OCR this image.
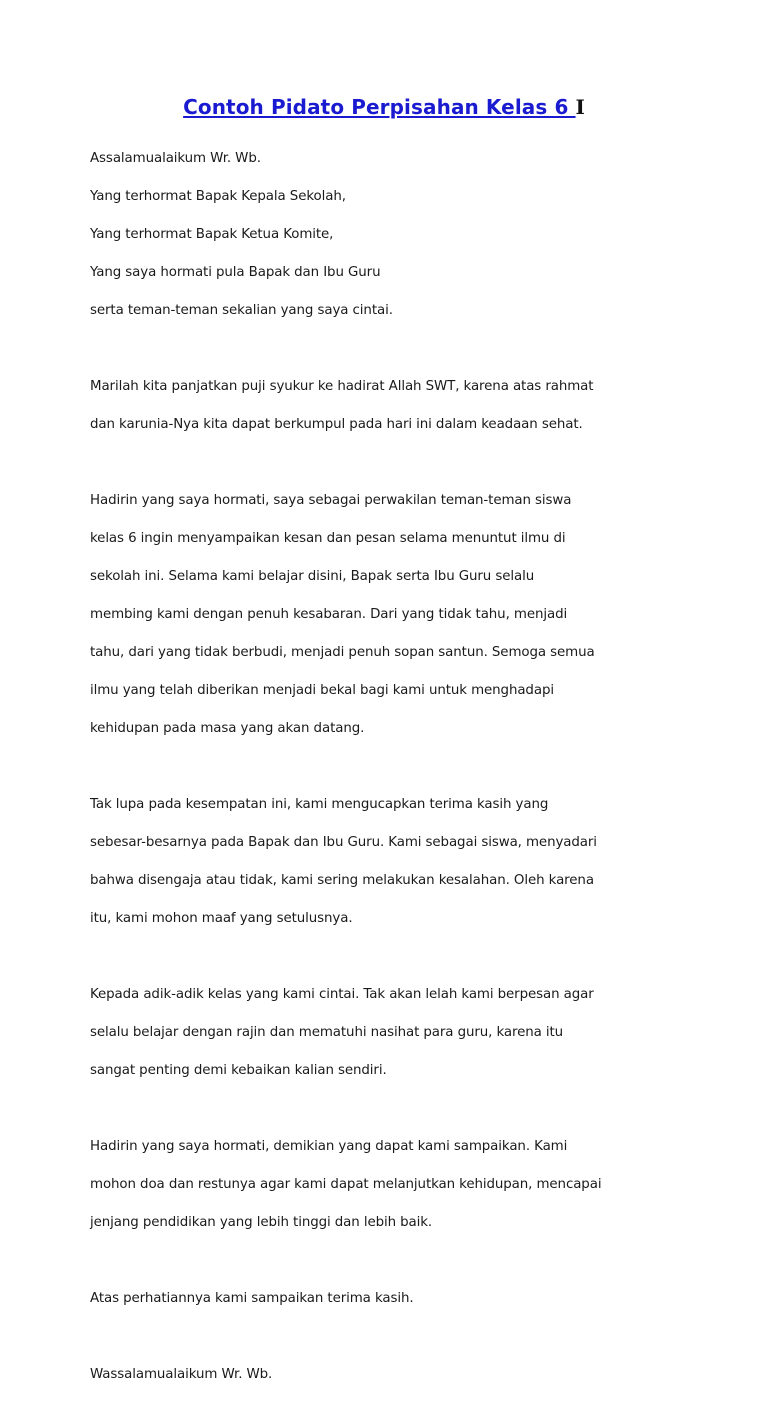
Contoh Pidato Perpisahan Kelas 6 I

Assalamualaikum Wr. Wb.

Yang terhormat Bapak Kepala Sekolah,

Yang terhormat Bapak Ketua Komite,

Yang saya hormati pula Bapak dan Ibu Guru

serta teman-teman sekalian yang saya cintai.

Marilah kita panjatkan puji syukur ke hadirat Allah SWT, karena atas rahmat

dan karunia-Nya kita dapat berkumpul pada hari ini dalam keadaan sehat.

Hadirin yang saya hormati, saya sebagai perwakilan teman-teman siswa

kelas 6 ingin menyampaikan kesan dan pesan selama menuntut ilmu di

sekolah ini. Selama kami belajar disini, Bapak serta Ibu Guru selalu

membing kami dengan penuh kesabaran. Dari yang tidak tahu, menjadi

tahu, dari yang tidak berbudi, menjadi penuh sopan santun. Semoga semua

ilmu yang telah diberikan menjadi bekal bagi kami untuk menghadapi

kehidupan pada masa yang akan datang.

Tak lupa pada kesempatan ini, kami mengucapkan terima kasih yang

sebesar-besarnya pada Bapak dan Ibu Guru. Kami sebagai siswa, menyadari

bahwa disengaja atau tidak, kami sering melakukan kesalahan. Oleh karena

itu, kami mohon maaf yang setulusnya.

Kepada adik-adik kelas yang kami cintai. Tak akan lelah kami berpesan agar

selalu belajar dengan rajin dan mematuhi nasihat para guru, karena itu

sangat penting demi kebaikan kalian sendiri.

Hadirin yang saya hormati, demikian yang dapat kami sampaikan. Kami

mohon doa dan restunya agar kami dapat melanjutkan kehidupan, mencapai

jenjang pendidikan yang lebih tinggi dan lebih baik.

Atas perhatiannya kami sampaikan terima kasih.

Wassalamualaikum Wr. Wb.
